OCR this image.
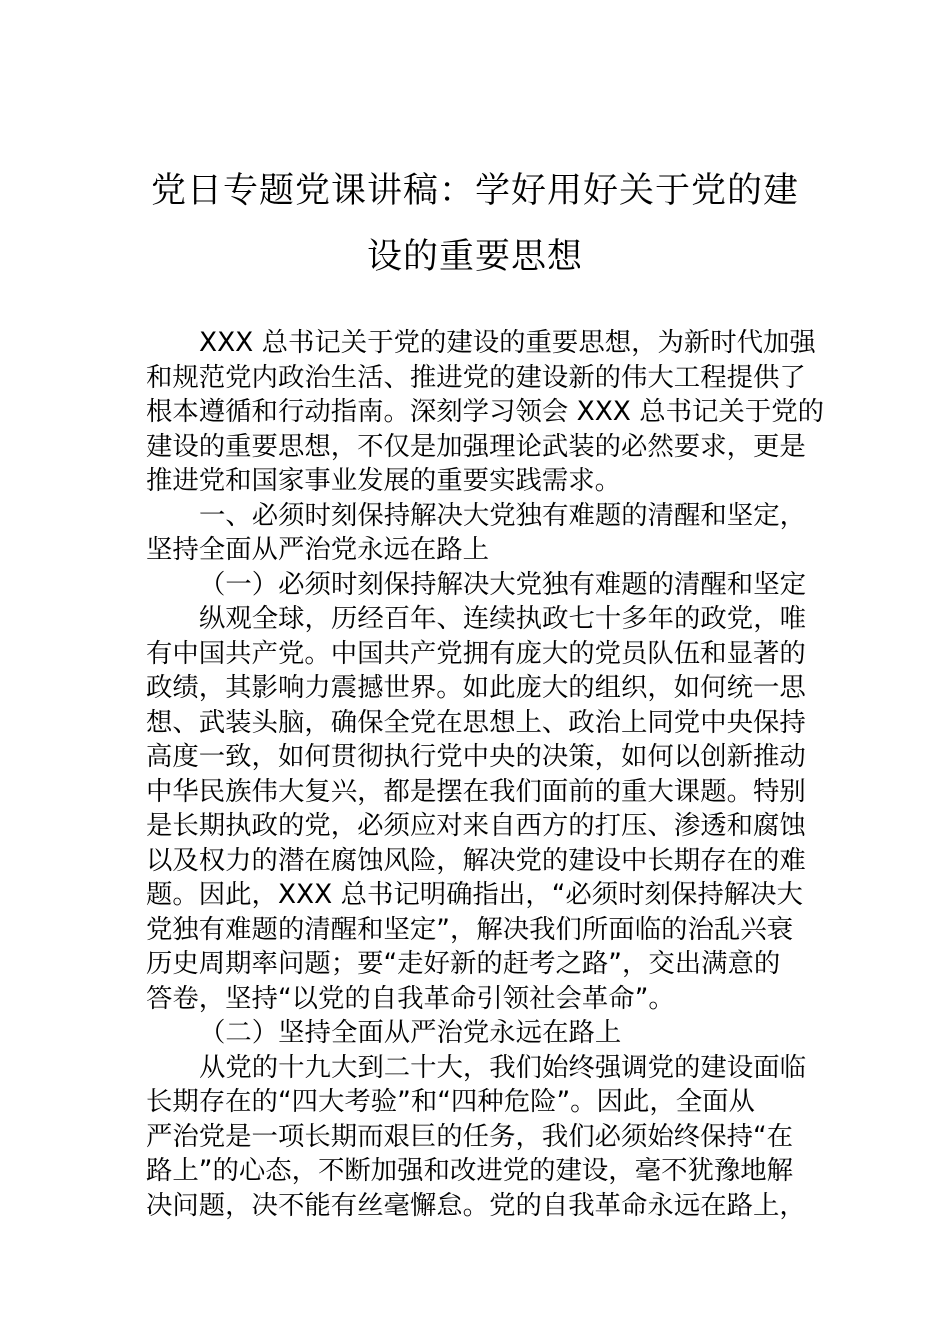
党日专题党课讲稿：学好用好关于党的建
设的重要思想
XXX 总书记关于党的建设的重要思想，为新时代加强
和规范党内政治生活、推进党的建设新的伟大工程提供了
根本遵循和行动指南。深刻学习领会 XXX 总书记关于党的
建设的重要思想，不仅是加强理论武装的必然要求，更是
推进党和国家事业发展的重要实践需求。
一、必须时刻保持解决大党独有难题的清醒和坚定，
坚持全面从严治党永远在路上
（一）必须时刻保持解决大党独有难题的清醒和坚定
纵观全球，历经百年、连续执政七十多年的政党，唯
有中国共产党。中国共产党拥有庞大的党员队伍和显著的
政绩，其影响力震撼世界。如此庞大的组织，如何统一思
想、武装头脑，确保全党在思想上、政治上同党中央保持
高度一致，如何贯彻执行党中央的决策，如何以创新推动
中华民族伟大复兴，都是摆在我们面前的重大课题。特别
是长期执政的党，必须应对来自西方的打压、渗透和腐蚀
以及权力的潜在腐蚀风险，解决党的建设中长期存在的难
题。因此，XXX 总书记明确指出，“必须时刻保持解决大
党独有难题的清醒和坚定”，解决我们所面临的治乱兴衰
历史周期率问题；要“走好新的赶考之路”，交出满意的
答卷，坚持“以党的自我革命引领社会革命”。
（二）坚持全面从严治党永远在路上
从党的十九大到二十大，我们始终强调党的建设面临
长期存在的“四大考验”和“四种危险”。因此，全面从
严治党是一项长期而艰巨的任务，我们必须始终保持“在
路上”的心态，不断加强和改进党的建设，毫不犹豫地解
决问题，决不能有丝毫懈怠。党的自我革命永远在路上，
